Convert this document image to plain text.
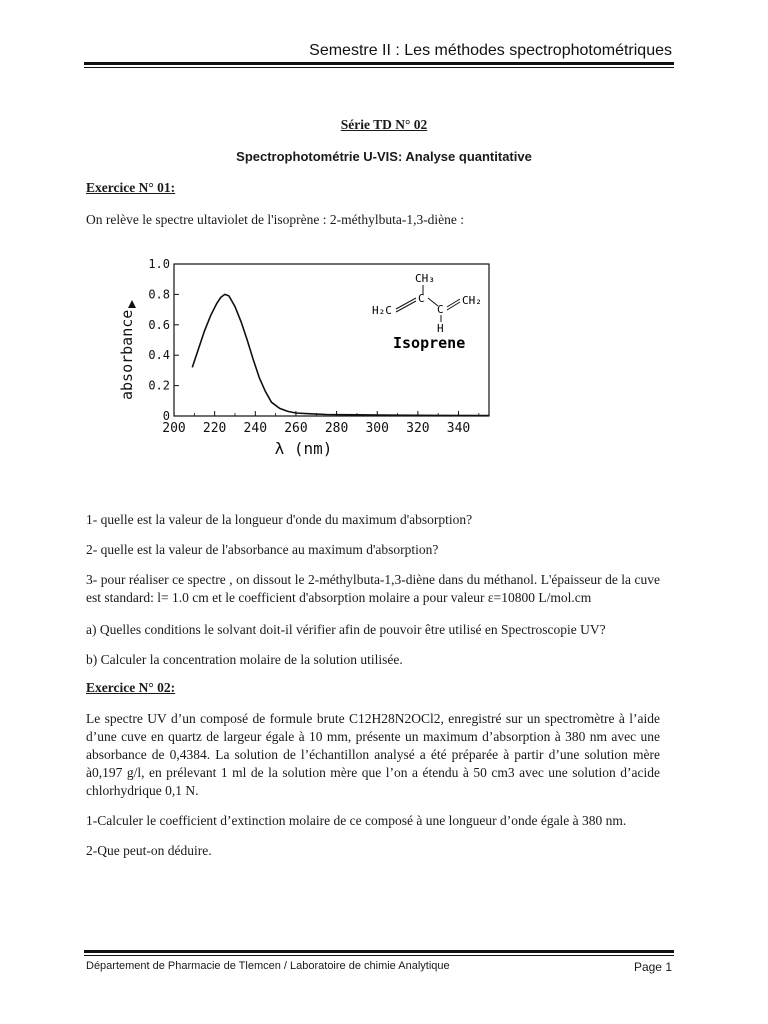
Semestre II : Les méthodes spectrophotométriques
Série TD N° 02
Spectrophotométrie U-VIS: Analyse quantitative
Exercice N° 01:
On relève le spectre ultaviolet de l'isoprène : 2-méthylbuta-1,3-diène :
absorbance
λ (nm)
CH₃
C
H₂C	C
CH₂
H
Isoprene
200 220 240 260 280 300 320 340
0
0.2
0.4
0.6
0.8
1.0
1- quelle est la valeur de la longueur d'onde du maximum d'absorption?
2- quelle est la valeur de l'absorbance au maximum d'absorption?
3- pour réaliser ce spectre , on dissout le 2-méthylbuta-1,3-diène dans du méthanol. L'épaisseur de la cuve est standard: l= 1.0 cm et le coefficient d'absorption molaire a pour valeur ε=10800 L/mol.cm
a) Quelles conditions le solvant doit-il vérifier afin de pouvoir être utilisé en Spectroscopie UV?
b) Calculer la concentration molaire de la solution utilisée.
Exercice N° 02:
Le spectre UV d’un composé de formule brute C12H28N2OCl2, enregistré sur un spectromètre à l’aide d’une cuve en quartz de largeur égale à 10 mm, présente un maximum d’absorption à 380 nm avec une absorbance de 0,4384. La solution de l’échantillon analysé a été préparée à partir d’une solution mère à0,197 g/l, en prélevant 1 ml de la solution mère que l’on a étendu à 50 cm3 avec une solution d’acide chlorhydrique 0,1 N.
1-Calculer le coefficient d’extinction molaire de ce composé à une longueur d’onde égale à 380 nm.
2-Que peut-on déduire.
Département de Pharmacie de Tlemcen / Laboratoire de chimie Analytique	Page 1
